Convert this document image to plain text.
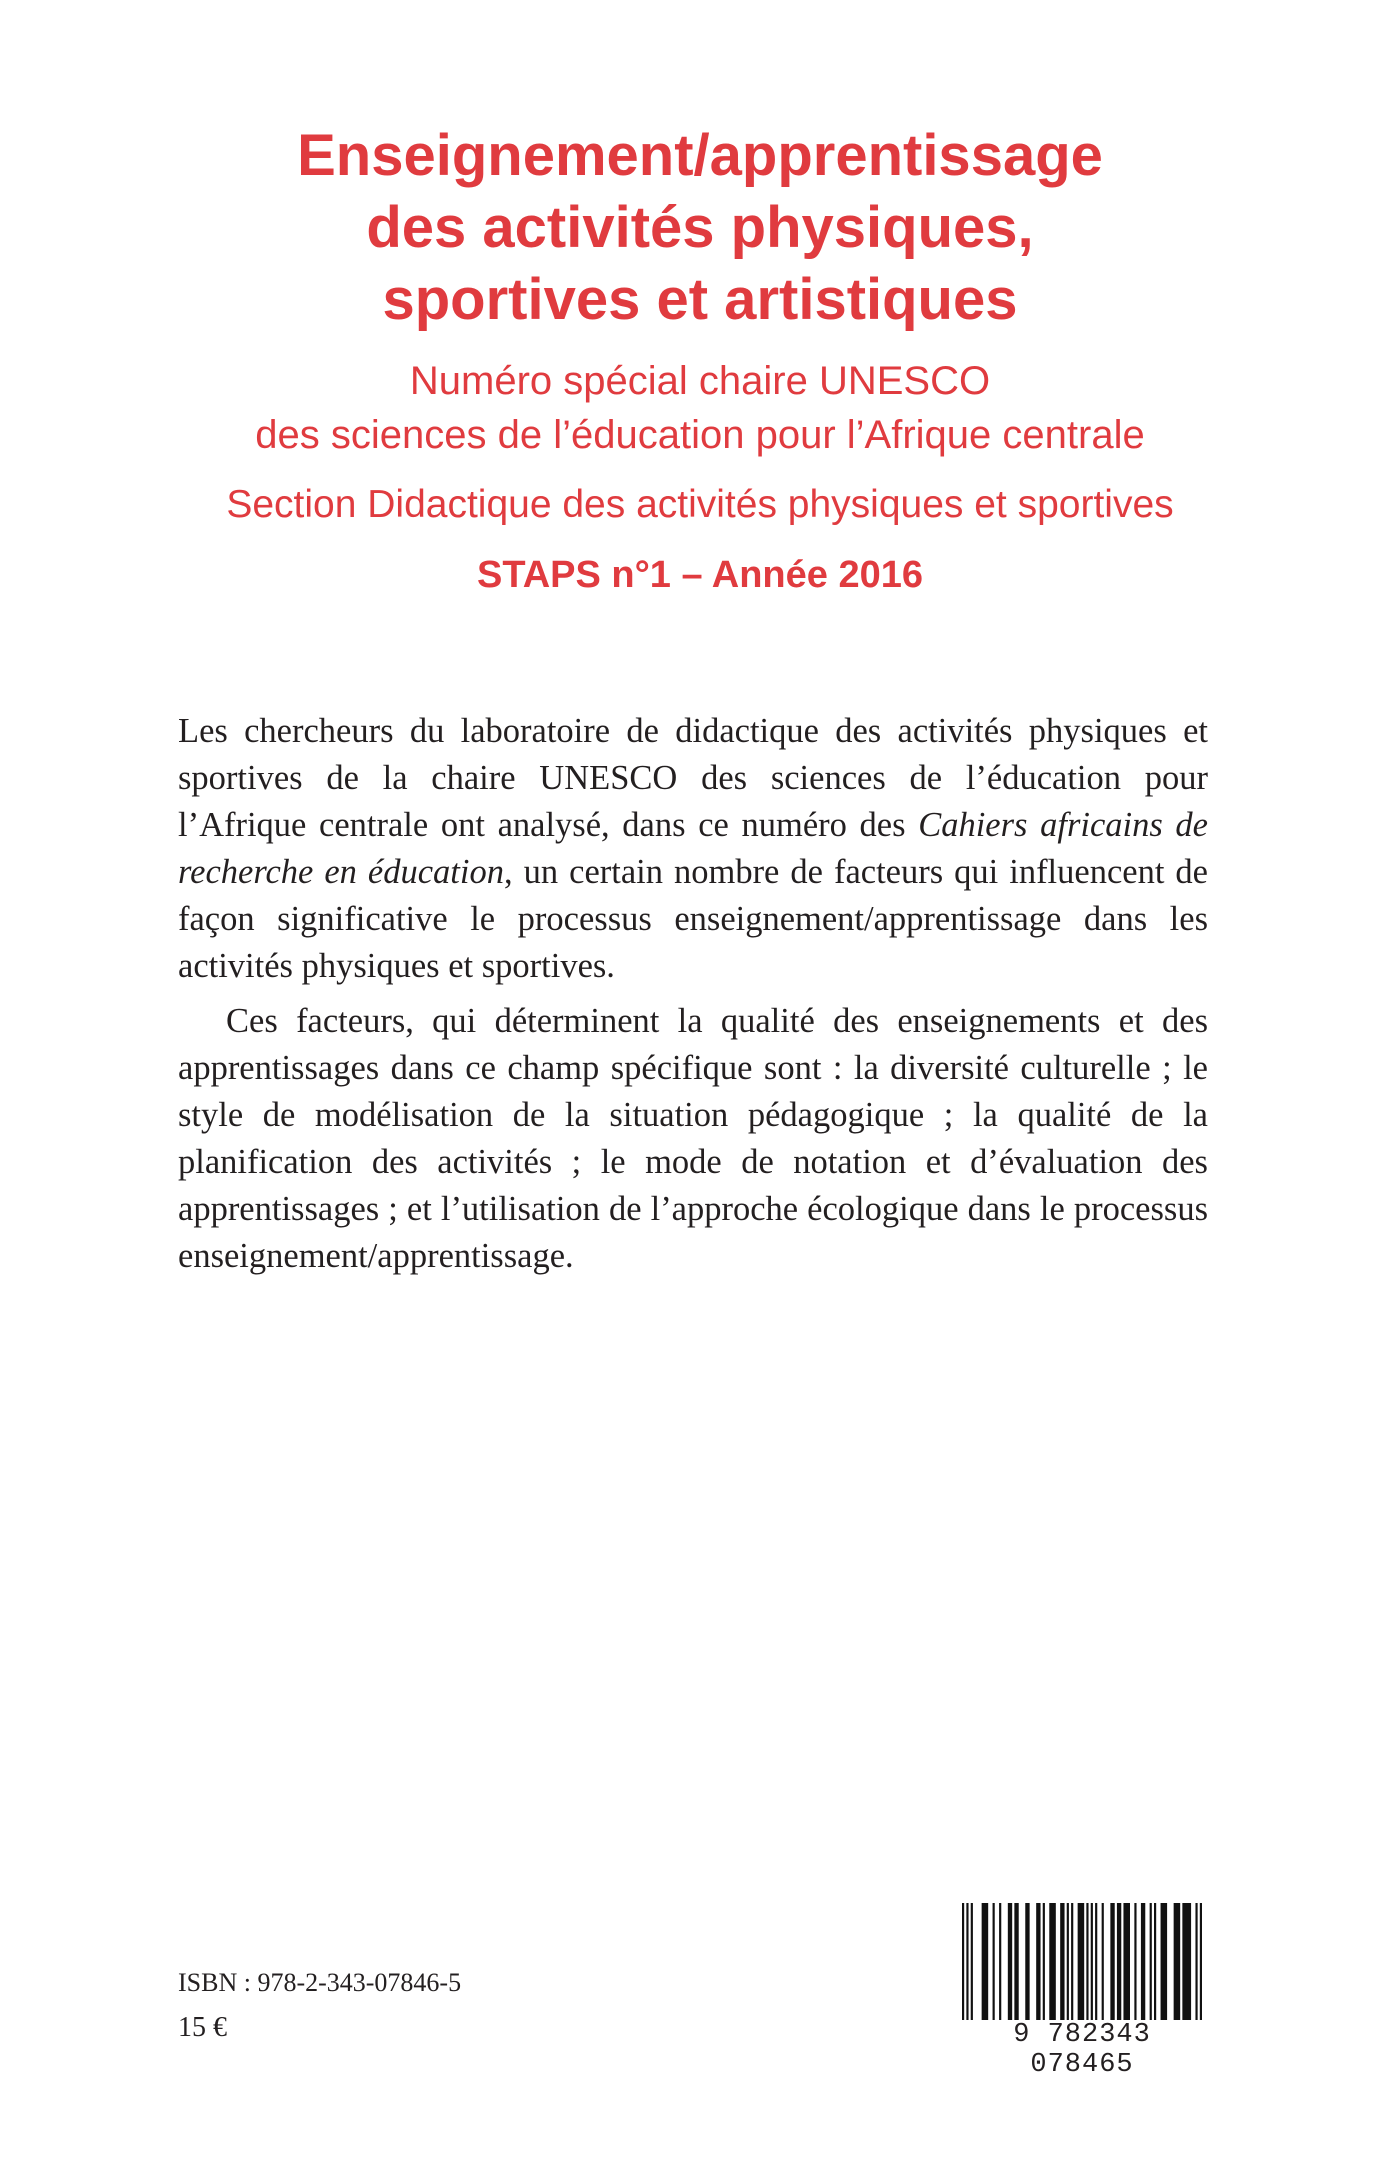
Enseignement/apprentissage
des activités physiques,
sportives et artistiques
Numéro spécial chaire UNESCO
des sciences de l’éducation pour l’Afrique centrale
Section Didactique des activités physiques et sportives
STAPS n°1 – Année 2016

Les chercheurs du laboratoire de didactique des activités physiques et sportives de la chaire UNESCO des sciences de l’éducation pour l’Afrique centrale ont analysé, dans ce numéro des Cahiers africains de recherche en éducation, un certain nombre de facteurs qui influencent de façon significative le processus enseignement/apprentissage dans les activités physiques et sportives.

Ces facteurs, qui déterminent la qualité des enseignements et des apprentissages dans ce champ spécifique sont : la diversité culturelle ; le style de modélisation de la situation pédagogique ; la qualité de la planification des activités ; le mode de notation et d’évaluation des apprentissages ; et l’utilisation de l’approche écologique dans le processus enseignement/apprentissage.

ISBN : 978-2-343-07846-5
15 €	9 782343 078465
